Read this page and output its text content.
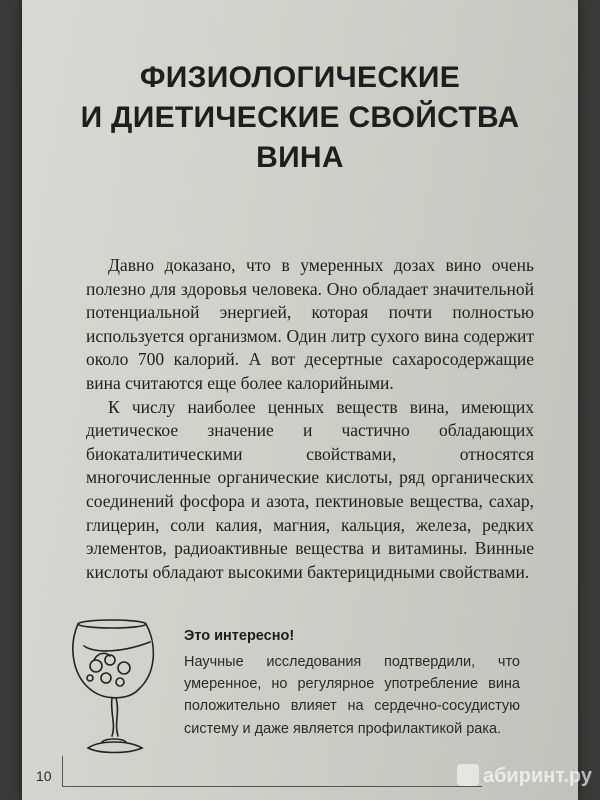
ФИЗИОЛОГИЧЕСКИЕ
И ДИЕТИЧЕСКИЕ СВОЙСТВА
ВИНА

Давно доказано, что в умеренных дозах вино очень полезно для здоровья человека. Оно обладает значительной потенциальной энергией, которая почти полностью используется организмом. Один литр сухого вина содержит около 700 калорий. А вот десертные сахаросодержащие вина считаются еще более калорийными.

К числу наиболее ценных веществ вина, имеющих диетическое значение и частично обладающих биокаталитическими свойствами, относятся многочисленные органические кислоты, ряд органических соединений фосфора и азота, пектиновые вещества, сахар, глицерин, соли калия, магния, кальция, железа, редких элементов, радиоактивные вещества и витамины. Винные кислоты обладают высокими бактерицидными свойствами.

Это интересно!
Научные исследования подтвердили, что умеренное, но регулярное употребление вина положительно влияет на сердечно-сосудистую систему и даже является профилактикой рака.
10	абиринт.ру
